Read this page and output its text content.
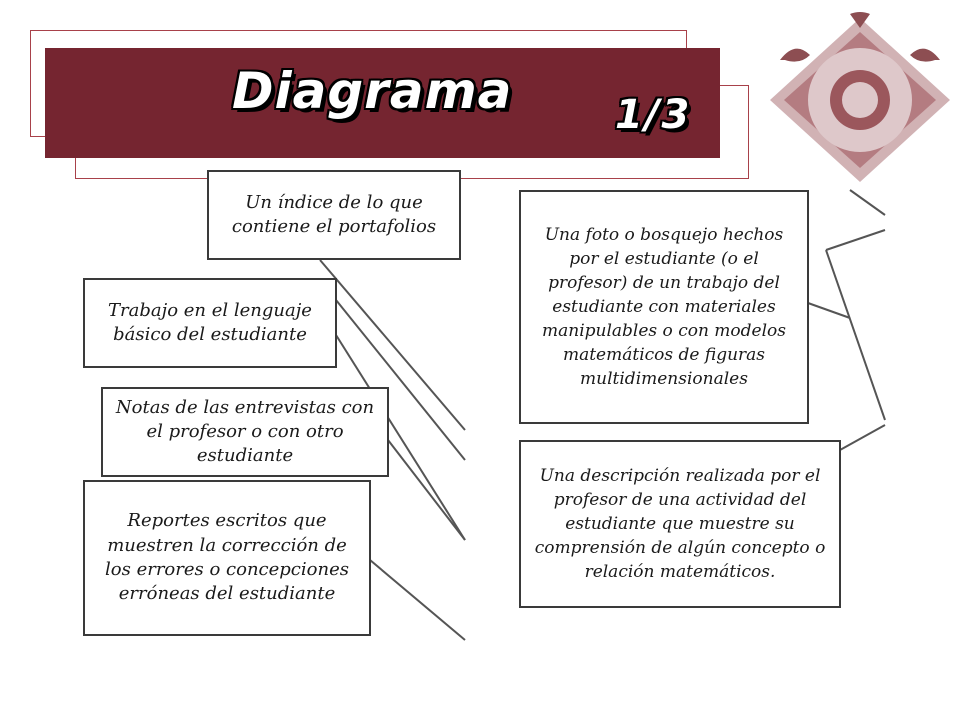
Diagrama	1/3
Un índice de lo que contiene el portafolios
Trabajo en el lenguaje básico del estudiante
Notas de las entrevistas con el profesor o con otro estudiante
Reportes escritos que muestren la corrección de los errores o concepciones erróneas del estudiante
Una foto o bosquejo hechos por el estudiante (o el profesor) de un trabajo del estudiante con materiales manipulables o con modelos matemáticos de figuras multidimensionales
Una descripción realizada por el profesor de una actividad del estudiante que muestre su comprensión de algún concepto o relación matemáticos.
